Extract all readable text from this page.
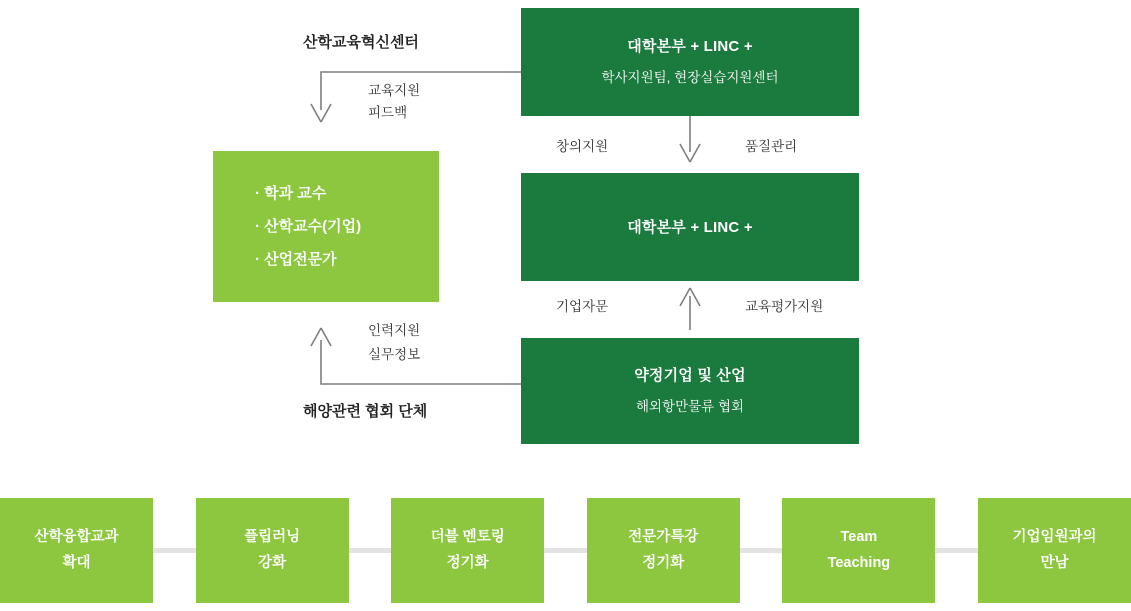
대학본부 + LINC +
학사지원팀, 현장실습지원센터
대학본부 + LINC +
약정기업 및 산업
해외항만물류 협회
· 학과 교수
· 산학교수(기업)
· 산업전문가
산학교육혁신센터
교육지원
피드백
창의지원	품질관리
기업자문	교육평가지원
인력지원
실무정보
해양관련 협회 단체
산학융합교과
확대
플립러닝
강화
더블 멘토링
정기화
전문가특강
정기화
Team
Teaching
기업임원과의
만남
